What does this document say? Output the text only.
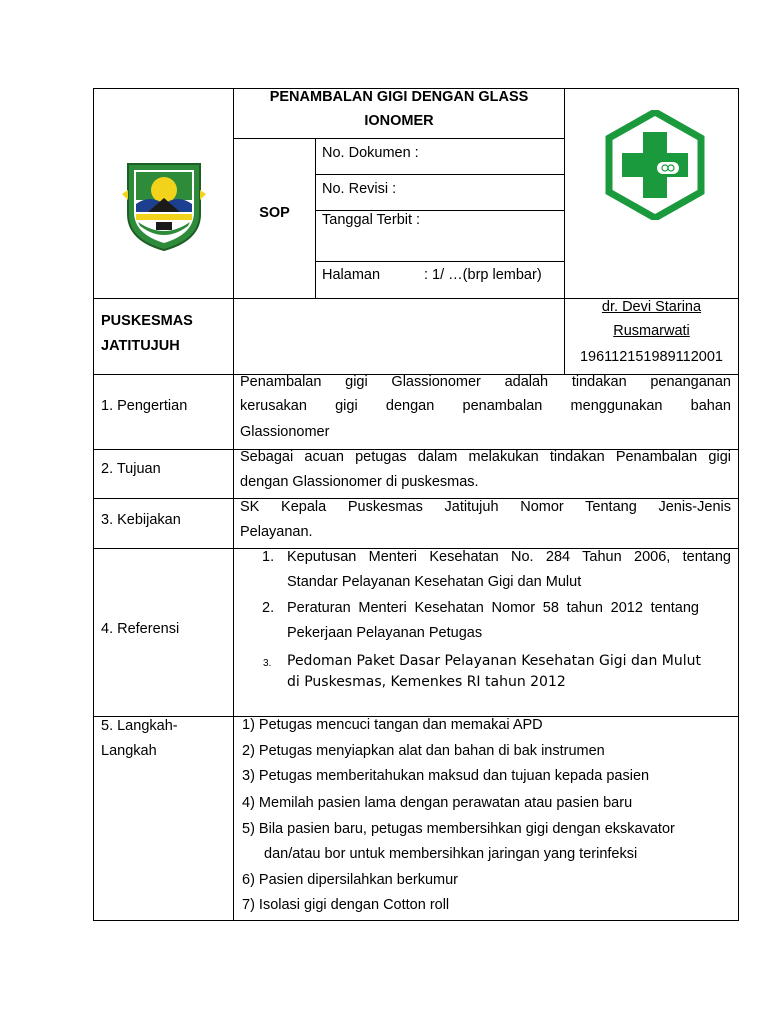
PENAMBALAN GIGI DENGAN GLASS
IONOMER
SOP
No. Dokumen :
No. Revisi :
Tanggal Terbit :
Halaman	: 1/ …(brp lembar)
PUSKESMAS
JATITUJUH
dr. Devi Starina
Rusmarwati
196112151989112001
1. Pengertian
Penambalan gigi Glassionomer adalah tindakan penanganan
kerusakan gigi dengan penambalan menggunakan bahan
Glassionomer
2. Tujuan
Sebagai acuan petugas dalam melakukan tindakan Penambalan gigi
dengan Glassionomer di puskesmas.
3. Kebijakan
SK Kepala Puskesmas Jatitujuh Nomor Tentang Jenis-Jenis
Pelayanan.
4. Referensi
1. Keputusan Menteri Kesehatan No. 284 Tahun 2006, tentang
Standar Pelayanan Kesehatan Gigi dan Mulut
2. Peraturan Menteri Kesehatan Nomor 58 tahun 2012 tentang
Pekerjaan Pelayanan Petugas
3. Pedoman Paket Dasar Pelayanan Kesehatan Gigi dan Mulut
di Puskesmas, Kemenkes RI tahun 2012
5. Langkah-
Langkah
1) Petugas mencuci tangan dan memakai APD
2) Petugas menyiapkan alat dan bahan di bak instrumen
3) Petugas memberitahukan maksud dan tujuan kepada pasien
4) Memilah pasien lama dengan perawatan atau pasien baru
5) Bila pasien baru, petugas membersihkan gigi dengan ekskavator
dan/atau bor untuk membersihkan jaringan yang terinfeksi
6) Pasien dipersilahkan berkumur
7) Isolasi gigi dengan Cotton roll
